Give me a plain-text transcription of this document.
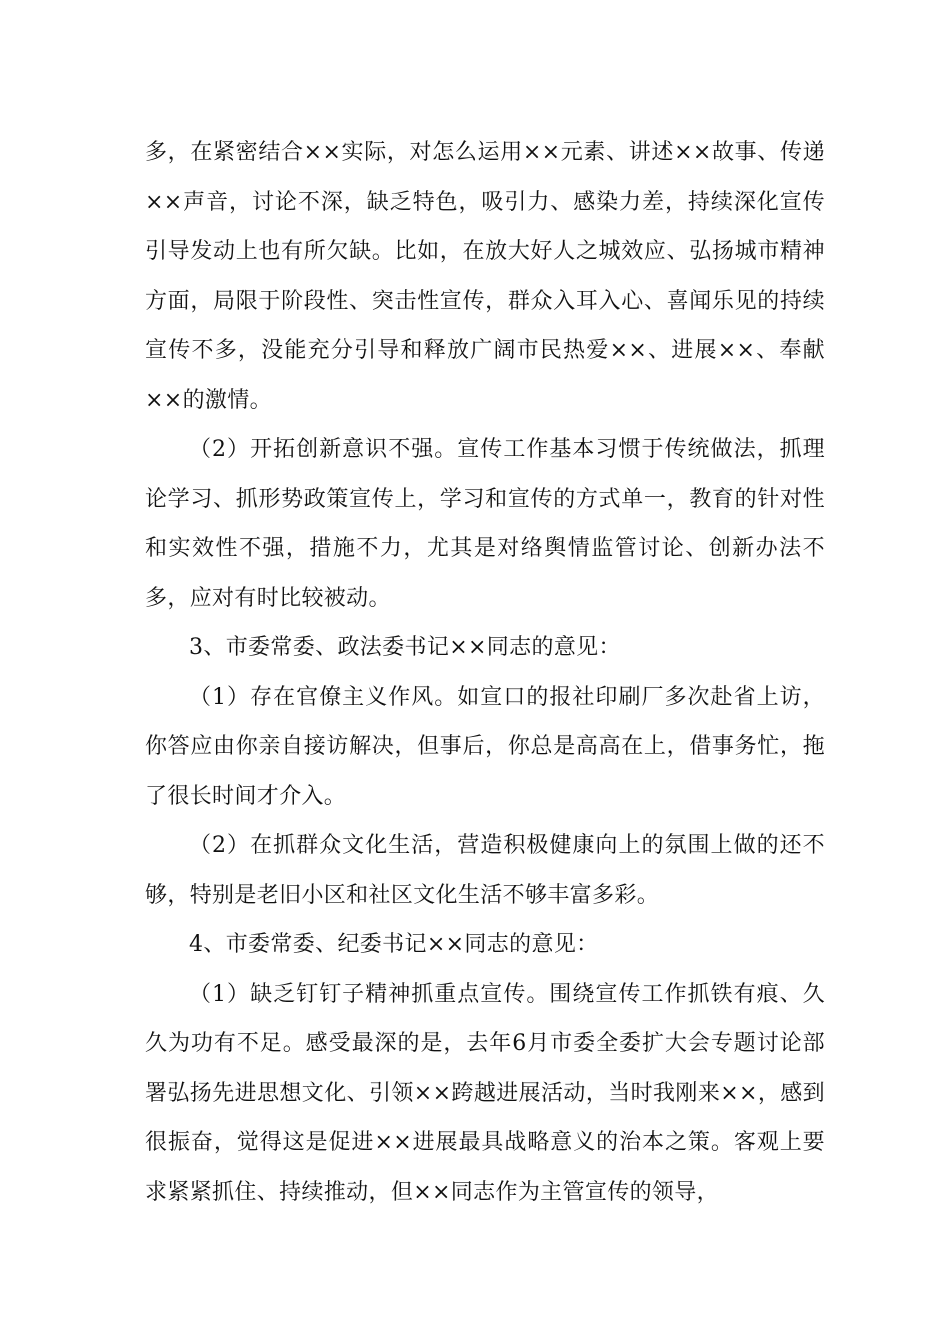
多，在紧密结合××实际，对怎么运用××元素、讲述××故事、传递××声音，讨论不深，缺乏特色，吸引力、感染力差，持续深化宣传引导发动上也有所欠缺。比如，在放大好人之城效应、弘扬城市精神方面，局限于阶段性、突击性宣传，群众入耳入心、喜闻乐见的持续宣传不多，没能充分引导和释放广阔市民热爱××、进展××、奉献××的激情。

（2）开拓创新意识不强。宣传工作基本习惯于传统做法，抓理论学习、抓形势政策宣传上，学习和宣传的方式单一，教育的针对性和实效性不强，措施不力，尤其是对络舆情监管讨论、创新办法不多，应对有时比较被动。

3、市委常委、政法委书记××同志的意见：

（1）存在官僚主义作风。如宣口的报社印刷厂多次赴省上访，你答应由你亲自接访解决，但事后，你总是高高在上，借事务忙，拖了很长时间才介入。

（2）在抓群众文化生活，营造积极健康向上的氛围上做的还不够，特别是老旧小区和社区文化生活不够丰富多彩。

4、市委常委、纪委书记××同志的意见：

（1）缺乏钉钉子精神抓重点宣传。围绕宣传工作抓铁有痕、久久为功有不足。感受最深的是，去年6月市委全委扩大会专题讨论部署弘扬先进思想文化、引领××跨越进展活动，当时我刚来××，感到很振奋，觉得这是促进××进展最具战略意义的治本之策。客观上要求紧紧抓住、持续推动，但××同志作为主管宣传的领导，
